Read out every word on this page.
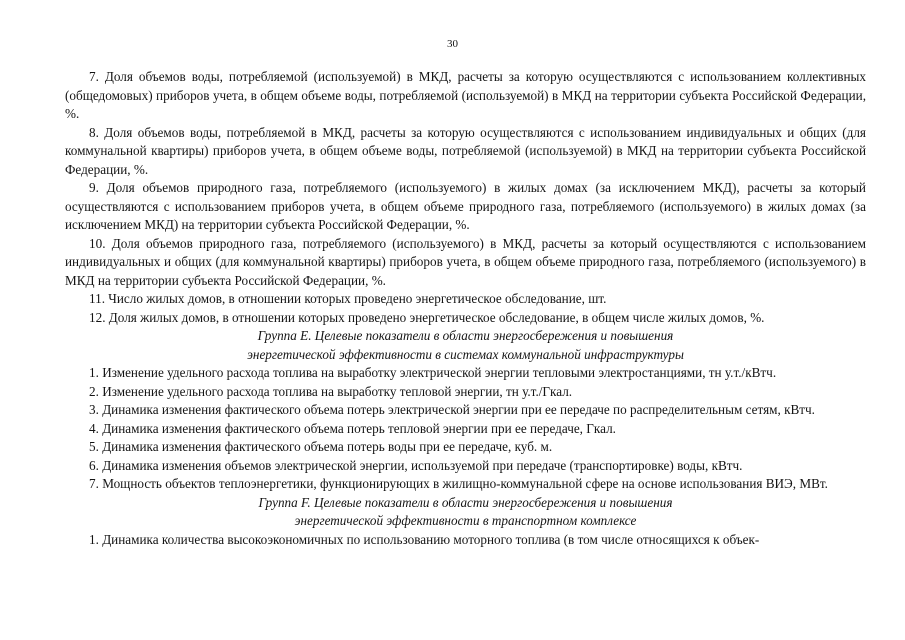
30

7. Доля объемов воды, потребляемой (используемой) в МКД, расчеты за которую осуществляются с использованием коллективных (общедомовых) приборов учета, в общем объеме воды, потребляемой (используемой) в МКД на территории субъекта Российской Федерации, %.

8. Доля объемов воды, потребляемой в МКД, расчеты за которую осуществляются с использованием индивидуальных и общих (для коммунальной квартиры) приборов учета, в общем объеме воды, потребляемой (используемой) в МКД на территории субъекта Российской Федерации, %.

9. Доля объемов природного газа, потребляемого (используемого) в жилых домах (за исключением МКД), расчеты за который осуществляются с использованием приборов учета, в общем объеме природного газа, потребляемого (используемого) в жилых домах (за исключением МКД) на территории субъекта Российской Федерации, %.

10. Доля объемов природного газа, потребляемого (используемого) в МКД, расчеты за который осуществляются с использованием индивидуальных и общих (для коммунальной квартиры) приборов учета, в общем объеме природного газа, потребляемого (используемого) в МКД на территории субъекта Российской Федерации, %.

11. Число жилых домов, в отношении которых проведено энергетическое обследование, шт.

12. Доля жилых домов, в отношении которых проведено энергетическое обследование, в общем числе жилых домов, %.

Группа E. Целевые показатели в области энергосбережения и повышения

энергетической эффективности в системах коммунальной инфраструктуры

1. Изменение удельного расхода топлива на выработку электрической энергии тепловыми электростанциями, тн у.т./кВтч.

2. Изменение удельного расхода топлива на выработку тепловой энергии, тн у.т./Гкал.

3. Динамика изменения фактического объема потерь электрической энергии при ее передаче по распределительным сетям, кВтч.

4. Динамика изменения фактического объема потерь тепловой энергии при ее передаче, Гкал.

5. Динамика изменения фактического объема потерь воды при ее передаче, куб. м.

6. Динамика изменения объемов электрической энергии, используемой при передаче (транспортировке) воды, кВтч.

7. Мощность объектов теплоэнергетики, функционирующих в жилищно-коммунальной сфере на основе использования ВИЭ, МВт.

Группа F. Целевые показатели в области энергосбережения и повышения

энергетической эффективности в транспортном комплексе

1. Динамика количества высокоэкономичных по использованию моторного топлива (в том числе относящихся к объек-
